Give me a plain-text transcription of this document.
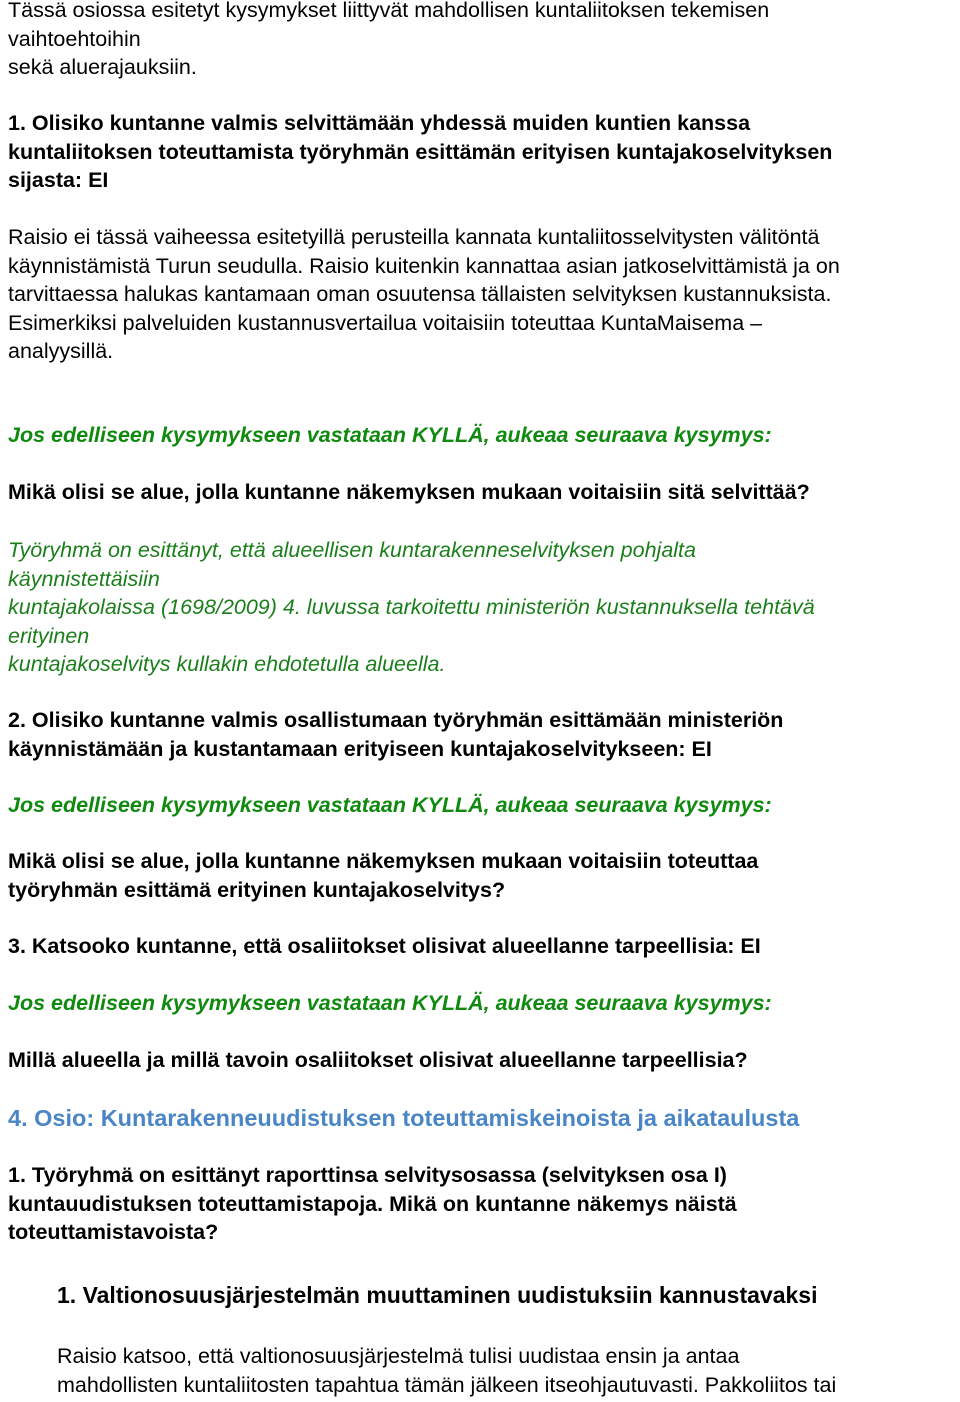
Tässä osiossa esitetyt kysymykset liittyvät mahdollisen kuntaliitoksen tekemisen
vaihtoehtoihin
sekä aluerajauksiin.
1. Olisiko kuntanne valmis selvittämään yhdessä muiden kuntien kanssa
kuntaliitoksen toteuttamista työryhmän esittämän erityisen kuntajakoselvityksen
sijasta: EI
Raisio ei tässä vaiheessa esitetyillä perusteilla kannata kuntaliitosselvitysten välitöntä
käynnistämistä Turun seudulla. Raisio kuitenkin kannattaa asian jatkoselvittämistä ja on
tarvittaessa halukas kantamaan oman osuutensa tällaisten selvityksen kustannuksista.
Esimerkiksi palveluiden kustannusvertailua voitaisiin toteuttaa KuntaMaisema –
analyysillä.
Jos edelliseen kysymykseen vastataan KYLLÄ, aukeaa seuraava kysymys:
Mikä olisi se alue, jolla kuntanne näkemyksen mukaan voitaisiin sitä selvittää?
Työryhmä on esittänyt, että alueellisen kuntarakenneselvityksen pohjalta
käynnistettäisiin
kuntajakolaissa (1698/2009) 4. luvussa tarkoitettu ministeriön kustannuksella tehtävä
erityinen
kuntajakoselvitys kullakin ehdotetulla alueella.
2. Olisiko kuntanne valmis osallistumaan työryhmän esittämään ministeriön
käynnistämään ja kustantamaan erityiseen kuntajakoselvitykseen: EI
Jos edelliseen kysymykseen vastataan KYLLÄ, aukeaa seuraava kysymys:
Mikä olisi se alue, jolla kuntanne näkemyksen mukaan voitaisiin toteuttaa
työryhmän esittämä erityinen kuntajakoselvitys?
3. Katsooko kuntanne, että osaliitokset olisivat alueellanne tarpeellisia: EI
Jos edelliseen kysymykseen vastataan KYLLÄ, aukeaa seuraava kysymys:
Millä alueella ja millä tavoin osaliitokset olisivat alueellanne tarpeellisia?
4. Osio: Kuntarakenneuudistuksen toteuttamiskeinoista ja aikataulusta
1. Työryhmä on esittänyt raporttinsa selvitysosassa (selvityksen osa I)
kuntauudistuksen toteuttamistapoja. Mikä on kuntanne näkemys näistä
toteuttamistavoista?
1. Valtionosuusjärjestelmän muuttaminen uudistuksiin kannustavaksi
Raisio katsoo, että valtionosuusjärjestelmä tulisi uudistaa ensin ja antaa
mahdollisten kuntaliitosten tapahtua tämän jälkeen itseohjautuvasti. Pakkoliitos tai
